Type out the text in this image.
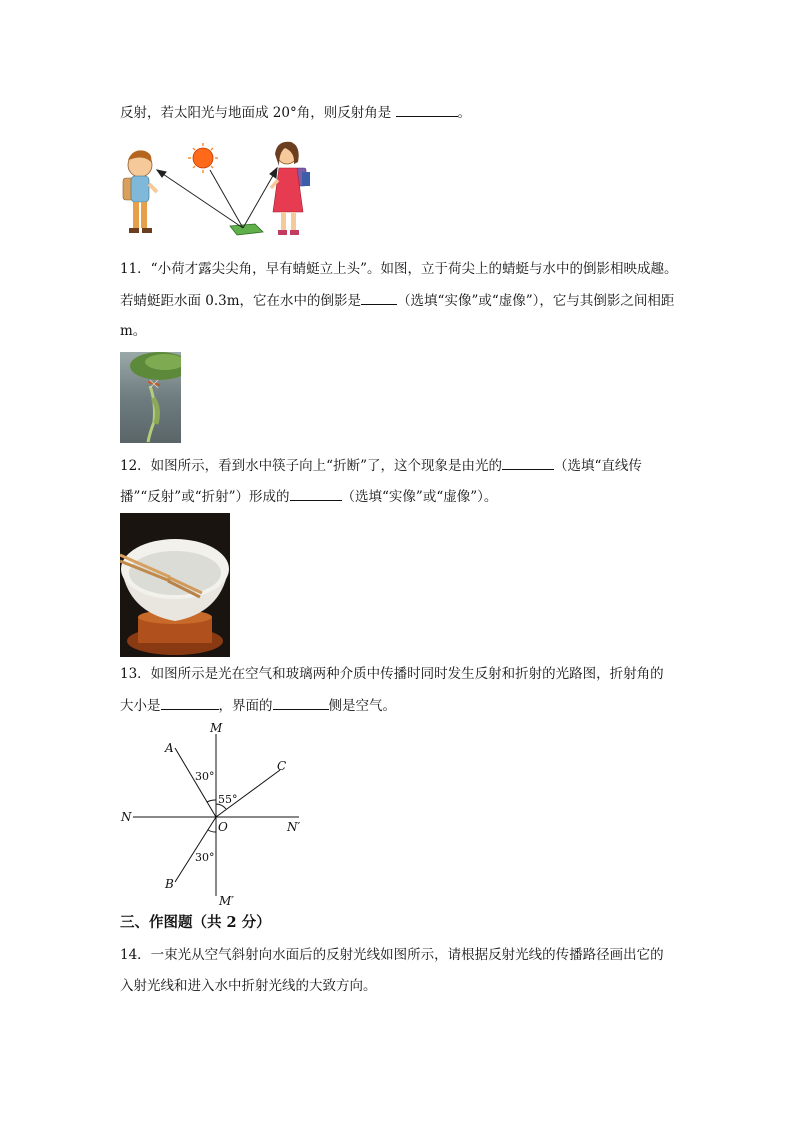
反射，若太阳光与地面成 20°角，则反射角是	。
11．“小荷才露尖尖角，早有蜻蜓立上头”。如图，立于荷尖上的蜻蜓与水中的倒影相映成趣。
若蜻蜓距水面 0.3m，它在水中的倒影是	（选填“实像”或“虚像”），它与其倒影之间相距
m。
12．如图所示，看到水中筷子向上“折断”了，这个现象是由光的	（选填“直线传
播”“反射”或“折射”）形成的	（选填“实像”或“虚像”）。
13．如图所示是光在空气和玻璃两种介质中传播时同时发生反射和折射的光路图，折射角的
大小是	，界面的	侧是空气。
M
M′
N
N′
O
A
B
C
30°
55°
30°
三、作图题（共 2 分）
14．一束光从空气斜射向水面后的反射光线如图所示，请根据反射光线的传播路径画出它的
入射光线和进入水中折射光线的大致方向。
